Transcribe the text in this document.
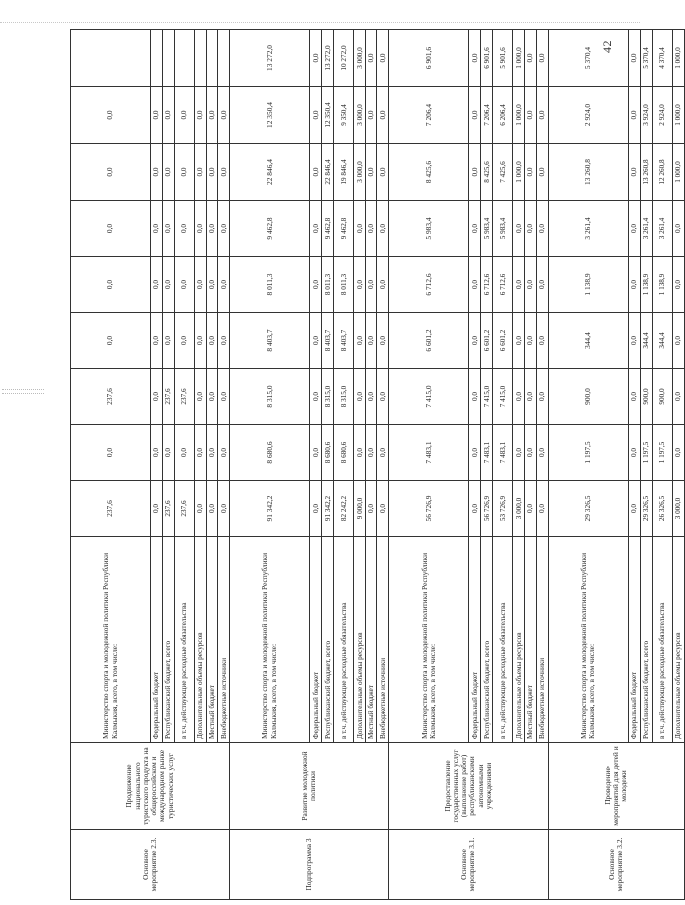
Основное мероприятие 2.3.	Продвижение национального туристского продукта на общероссийском и международном рынке туристических услуг	Министерство спорта и молодежной политики Республики Калмыкия, всего, в том числе:	237,6	0,0	237,6	0,0	0,0	0,0	0,0	0,0	
		Федеральный бюджет	0,0	0,0	0,0	0,0	0,0	0,0	0,0	0,0	
		Республиканский бюджет, всего	237,6	0,0	237,6	0,0	0,0	0,0	0,0	0,0	
		в т.ч. действующие расходные обязательства	237,6	0,0	237,6	0,0	0,0	0,0	0,0	0,0	
		Дополнительные объемы ресурсов	0,0	0,0	0,0	0,0	0,0	0,0	0,0	0,0	
		Местный бюджет	0,0	0,0	0,0	0,0	0,0	0,0	0,0	0,0	
		Внебюджетные источники	0,0	0,0	0,0	0,0	0,0	0,0	0,0	0,0	
Подпрограмма 3	Развитие молодежной политики	Министерство спорта и молодежной политики Республики Калмыкия, всего, в том числе:	91 342,2	8 680,6	8 315,0	8 403,7	8 011,3	9 462,8	22 846,4	12 350,4	13 272,0
		Федеральный бюджет	0,0	0,0	0,0	0,0	0,0	0,0	0,0	0,0	0,0
		Республиканский бюджет, всего	91 342,2	8 680,6	8 315,0	8 403,7	8 011,3	9 462,8	22 846,4	12 350,4	13 272,0
		в т.ч. действующие расходные обязательства	82 242,2	8 680,6	8 315,0	8 403,7	8 011,3	9 462,8	19 846,4	9 350,4	10 272,0
		Дополнительные объемы ресурсов	9 000,0	0,0	0,0	0,0	0,0	0,0	3 000,0	3 000,0	3 000,0
		Местный бюджет	0,0	0,0	0,0	0,0	0,0	0,0	0,0	0,0	0,0
		Внебюджетные источники	0,0	0,0	0,0	0,0	0,0	0,0	0,0	0,0	0,0
Основное мероприятие 3.1.	Предоставление государственных услуг (выполнение работ) республиканскими автономными учреждениями	Министерство спорта и молодежной политики Республики Калмыкия, всего, в том числе:	56 726,9	7 483,1	7 415,0	6 601,2	6 712,6	5 983,4	8 425,6	7 206,4	6 901,6
		Федеральный бюджет	0,0	0,0	0,0	0,0	0,0	0,0	0,0	0,0	0,0
		Республиканский бюджет, всего	56 726,9	7 483,1	7 415,0	6 601,2	6 712,6	5 983,4	8 425,6	7 206,4	6 901,6
		в т.ч. действующие расходные обязательства	53 726,9	7 483,1	7 415,0	6 601,2	6 712,6	5 983,4	7 425,6	6 206,4	5 901,6
		Дополнительные объемы ресурсов	3 000,0	0,0	0,0	0,0	0,0	0,0	1 000,0	1 000,0	1 000,0
		Местный бюджет	0,0	0,0	0,0	0,0	0,0	0,0	0,0	0,0	0,0
		Внебюджетные источники	0,0	0,0	0,0	0,0	0,0	0,0	0,0	0,0	0,0
Основное мероприятие 3.2.	Проведение мероприятий для детей и молодежи	Министерство спорта и молодежной политики Республики Калмыкия, всего, в том числе:	29 326,5	1 197,5	900,0	344,4	1 138,9	3 261,4	13 260,8	2 924,0	5 370,4
		Федеральный бюджет	0,0	0,0	0,0	0,0	0,0	0,0	0,0	0,0	0,0
		Республиканский бюджет, всего	29 326,5	1 197,5	900,0	344,4	1 138,9	3 261,4	13 260,8	3 924,0	5 370,4
		в т.ч. действующие расходные обязательства	26 326,5	1 197,5	900,0	344,4	1 138,9	3 261,4	12 260,8	2 924,0	4 370,4
		Дополнительные объемы ресурсов	3 000,0	0,0	0,0	0,0	0,0	0,0	1 000,0	1 000,0	1 000,0
42
